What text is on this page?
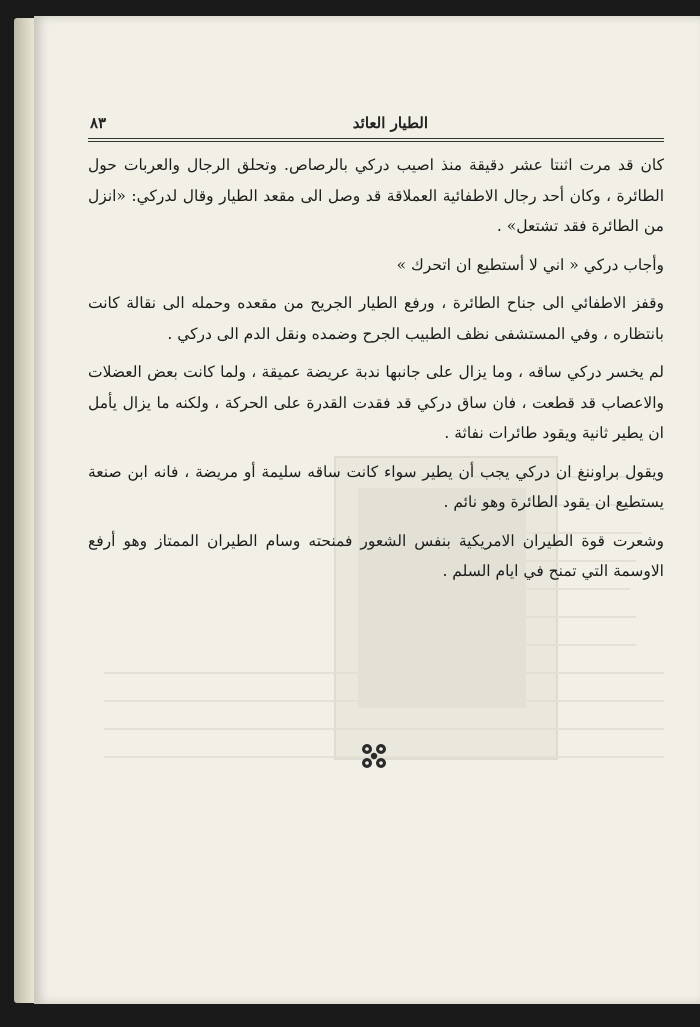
٨٣	الطيار العائد

كان قد مرت اثنتا عشر دقيقة منذ اصيب دركي بالرصاص. وتحلق الرجال والعربات حول الطائرة ، وكان أحد رجال الاطفائية العملاقة قد وصل الى مقعد الطيار وقال لدركي: «انزل من الطائرة فقد تشتعل» .

وأجاب دركي « اني لا أستطيع ان اتحرك »

وقفز الاطفائي الى جناح الطائرة ، ورفع الطيار الجريح من مقعده وحمله الى نقالة كانت بانتظاره ، وفي المستشفى نظف الطبيب الجرح وضمده ونقل الدم الى دركي .

لم يخسر دركي ساقه ، وما يزال على جانبها ندبة عريضة عميقة ، ولما كانت بعض العضلات والاعصاب قد قطعت ، فان ساق دركي قد فقدت القدرة على الحركة ، ولكنه ما يزال يأمل ان يطير ثانية ويقود طائرات نفاثة .

ويقول براوننغ ان دركي يجب أن يطير سواء كانت ساقه سليمة أو مريضة ، فانه ابن صنعة يستطيع ان يقود الطائرة وهو نائم .

وشعرت قوة الطيران الامريكية بنفس الشعور فمنحته وسام الطيران الممتاز وهو أرفع الاوسمة التي تمنح في ايام السلم .
